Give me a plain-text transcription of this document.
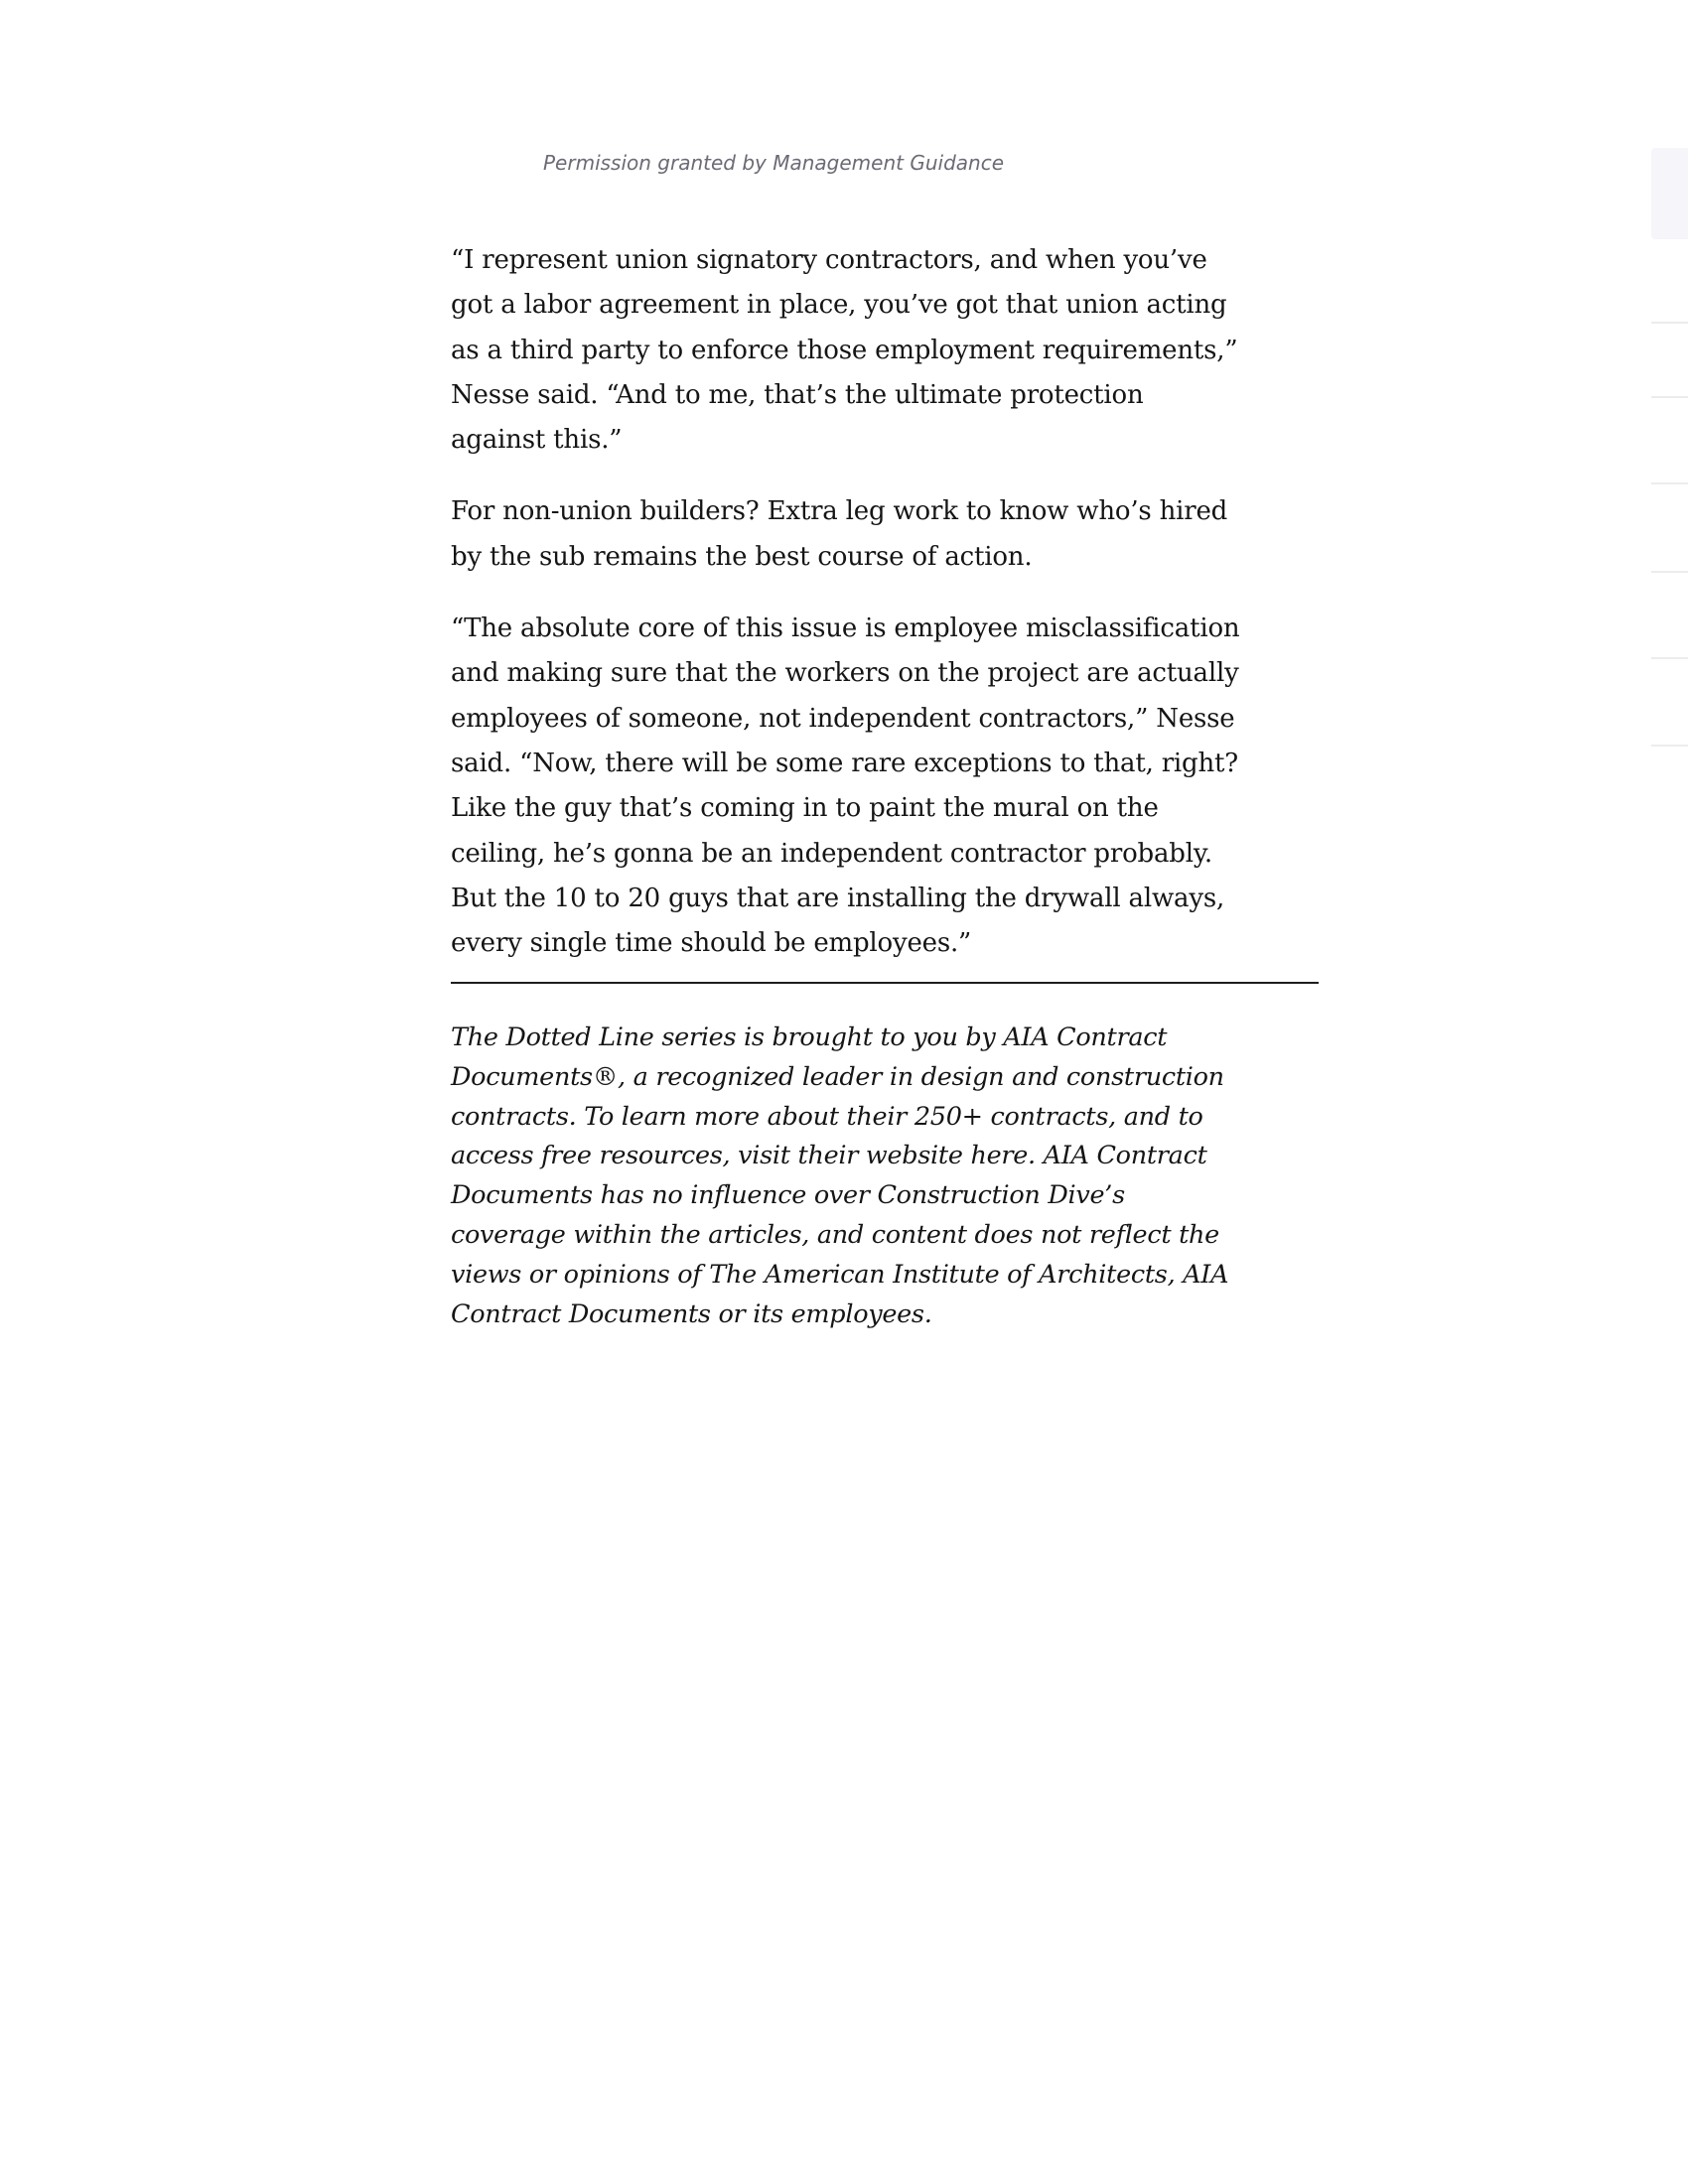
Permission granted by Management Guidance

“I represent union signatory contractors, and when you’ve got a labor agreement in place, you’ve got that union acting as a third party to enforce those employment requirements,” Nesse said. “And to me, that’s the ultimate protection against this.”

For non-union builders? Extra leg work to know who’s hired by the sub remains the best course of action.

“The absolute core of this issue is employee misclassification and making sure that the workers on the project are actually employees of someone, not independent contractors,” Nesse said. “Now, there will be some rare exceptions to that, right? Like the guy that’s coming in to paint the mural on the ceiling, he’s gonna be an independent contractor probably. But the 10 to 20 guys that are installing the drywall always, every single time should be employees.”

The Dotted Line series is brought to you by AIA Contract Documents®, a recognized leader in design and construction contracts. To learn more about their 250+ contracts, and to access free resources, visit their website here. AIA Contract Documents has no influence over Construction Dive’s coverage within the articles, and content does not reflect the views or opinions of The American Institute of Architects, AIA Contract Documents or its employees.
